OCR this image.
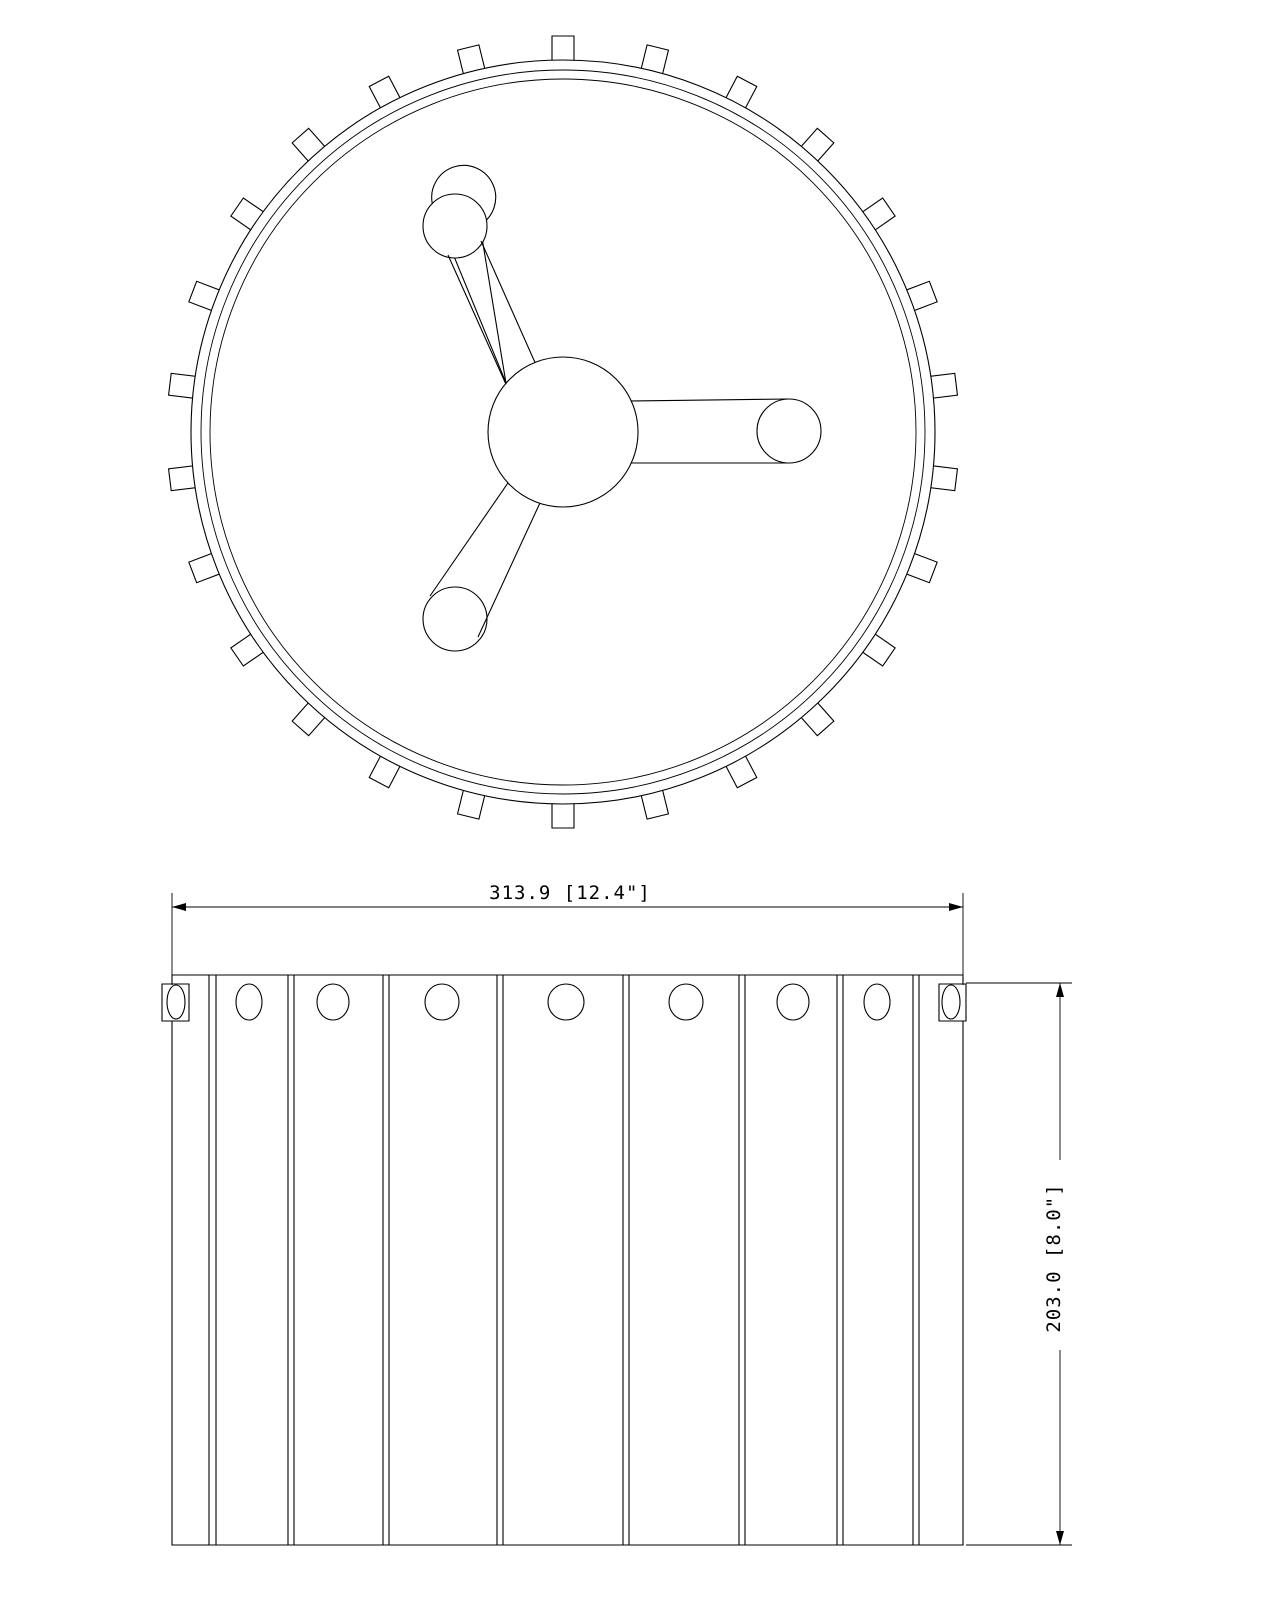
313.9 [12.4"]
203.0 [8.0"]
